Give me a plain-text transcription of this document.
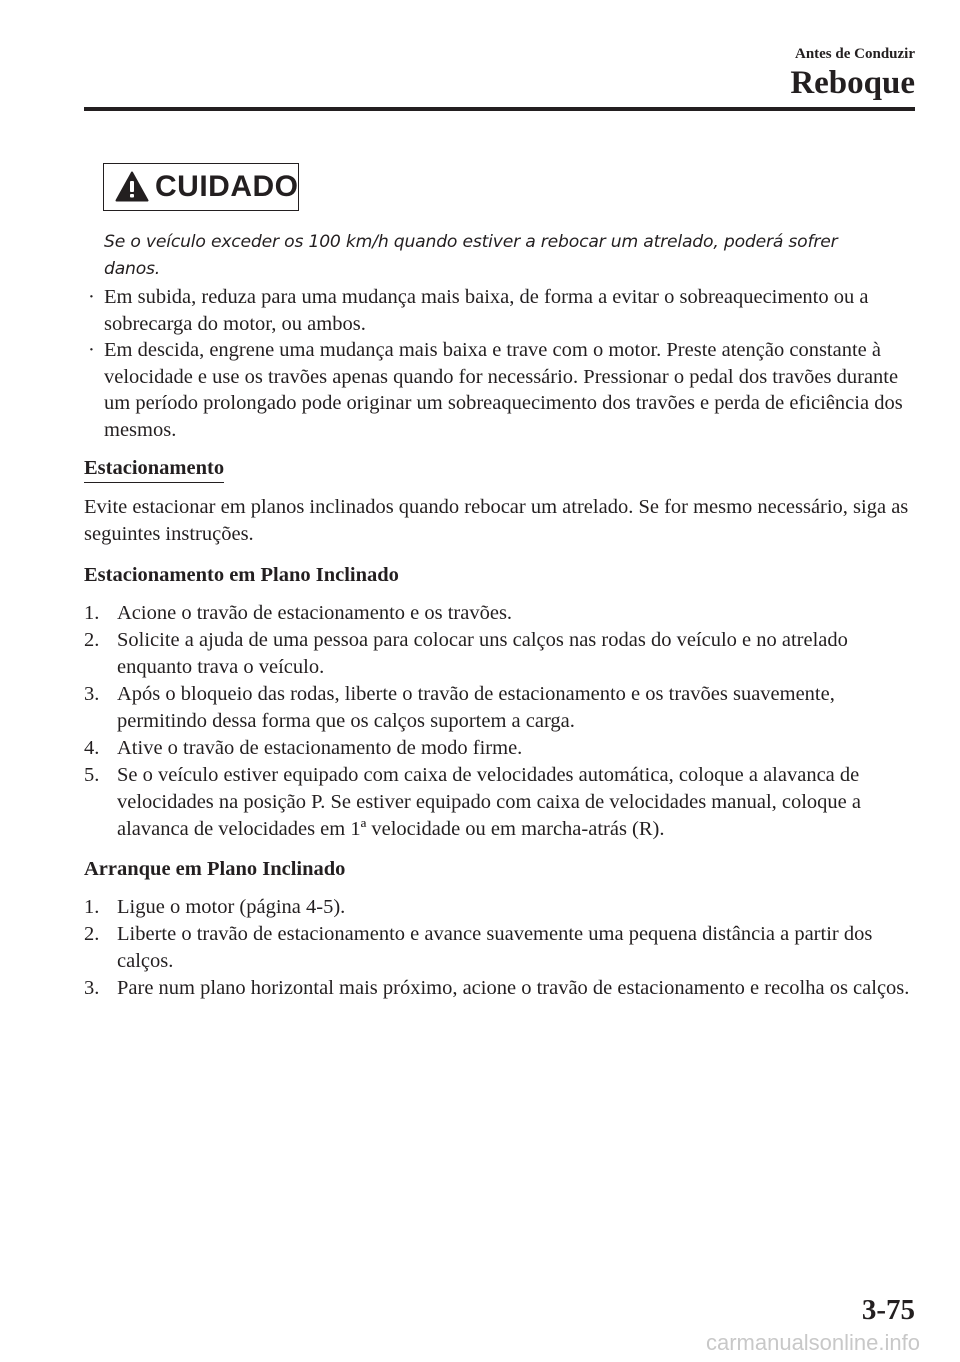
Antes de Conduzir
Reboque
CUIDADO
Se o veículo exceder os 100 km/h quando estiver a rebocar um atrelado, poderá sofrer danos.
· Em subida, reduza para uma mudança mais baixa, de forma a evitar o sobreaquecimento ou a sobrecarga do motor, ou ambos.
· Em descida, engrene uma mudança mais baixa e trave com o motor. Preste atenção constante à velocidade e use os travões apenas quando for necessário. Pressionar o pedal dos travões durante um período prolongado pode originar um sobreaquecimento dos travões e perda de eficiência dos mesmos.
Estacionamento
Evite estacionar em planos inclinados quando rebocar um atrelado. Se for mesmo necessário, siga as seguintes instruções.
Estacionamento em Plano Inclinado
1. Acione o travão de estacionamento e os travões.
2. Solicite a ajuda de uma pessoa para colocar uns calços nas rodas do veículo e no atrelado enquanto trava o veículo.
3. Após o bloqueio das rodas, liberte o travão de estacionamento e os travões suavemente, permitindo dessa forma que os calços suportem a carga.
4. Ative o travão de estacionamento de modo firme.
5. Se o veículo estiver equipado com caixa de velocidades automática, coloque a alavanca de velocidades na posição P. Se estiver equipado com caixa de velocidades manual, coloque a alavanca de velocidades em 1ª velocidade ou em marcha-atrás (R).
Arranque em Plano Inclinado
1. Ligue o motor (página 4-5).
2. Liberte o travão de estacionamento e avance suavemente uma pequena distância a partir dos calços.
3. Pare num plano horizontal mais próximo, acione o travão de estacionamento e recolha os calços.
3-75
carmanualsonline.info
